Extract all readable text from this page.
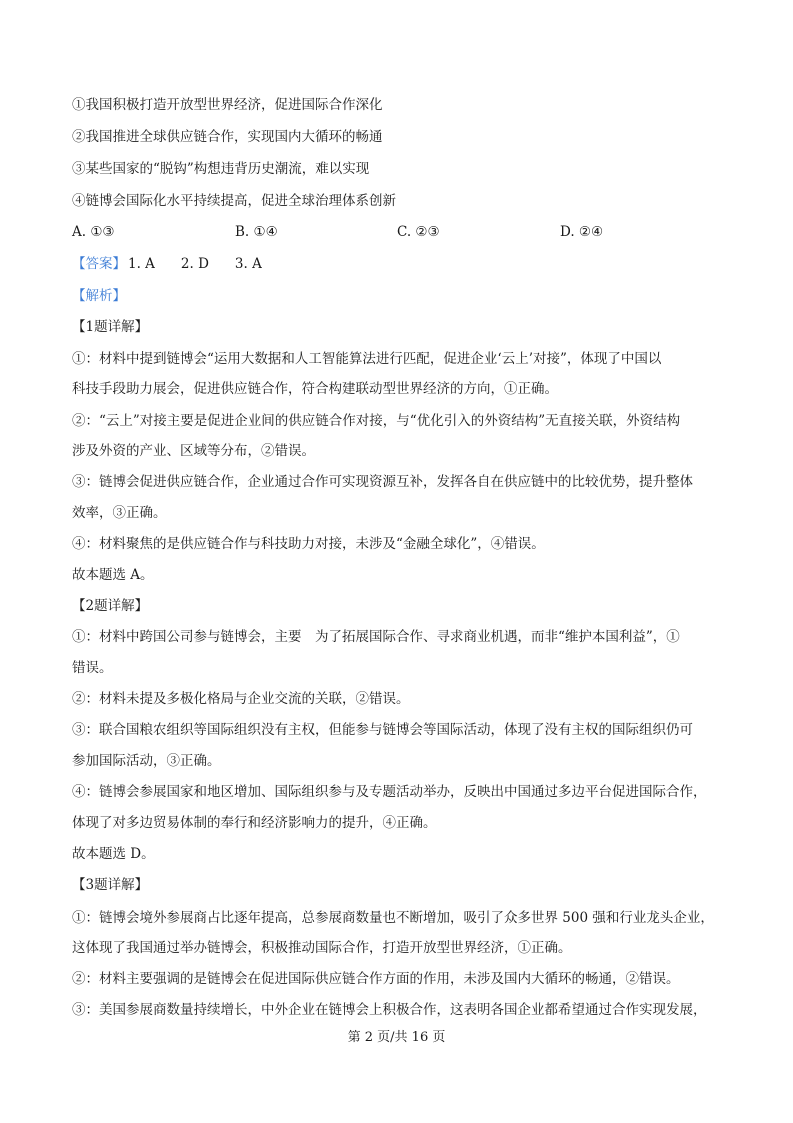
①我国积极打造开放型世界经济，促进国际合作深化
②我国推进全球供应链合作，实现国内大循环的畅通
③某些国家的“脱钩”构想违背历史潮流，难以实现
④链博会国际化水平持续提高，促进全球治理体系创新
A. ①③	B. ①④	C. ②③	D. ②④
【答案】 1. A 2. D 3. A
【解析】
【1题详解】
①：材料中提到链博会“运用大数据和人工智能算法进行匹配，促进企业‘云上’对接”，体现了中国以
科技手段助力展会，促进供应链合作，符合构建联动型世界经济的方向，①正确。
②：“云上”对接主要是促进企业间的供应链合作对接，与“优化引入的外资结构”无直接关联，外资结构
涉及外资的产业、区域等分布，②错误。
③：链博会促进供应链合作，企业通过合作可实现资源互补，发挥各自在供应链中的比较优势，提升整体
效率，③正确。
④：材料聚焦的是供应链合作与科技助力对接，未涉及“金融全球化”，④错误。
故本题选 A。
【2题详解】
①：材料中跨国公司参与链博会，主要　为了拓展国际合作、寻求商业机遇，而非“维护本国利益”，①
错误。
②：材料未提及多极化格局与企业交流的关联，②错误。
③：联合国粮农组织等国际组织没有主权，但能参与链博会等国际活动，体现了没有主权的国际组织仍可
参加国际活动，③正确。
④：链博会参展国家和地区增加、国际组织参与及专题活动举办，反映出中国通过多边平台促进国际合作，
体现了对多边贸易体制的奉行和经济影响力的提升，④正确。
故本题选 D。
【3题详解】
①：链博会境外参展商占比逐年提高，总参展商数量也不断增加，吸引了众多世界 500 强和行业龙头企业，
这体现了我国通过举办链博会，积极推动国际合作，打造开放型世界经济，①正确。
②：材料主要强调的是链博会在促进国际供应链合作方面的作用，未涉及国内大循环的畅通，②错误。
③：美国参展商数量持续增长，中外企业在链博会上积极合作，这表明各国企业都希望通过合作实现发展，
第 2 页/共 16 页
